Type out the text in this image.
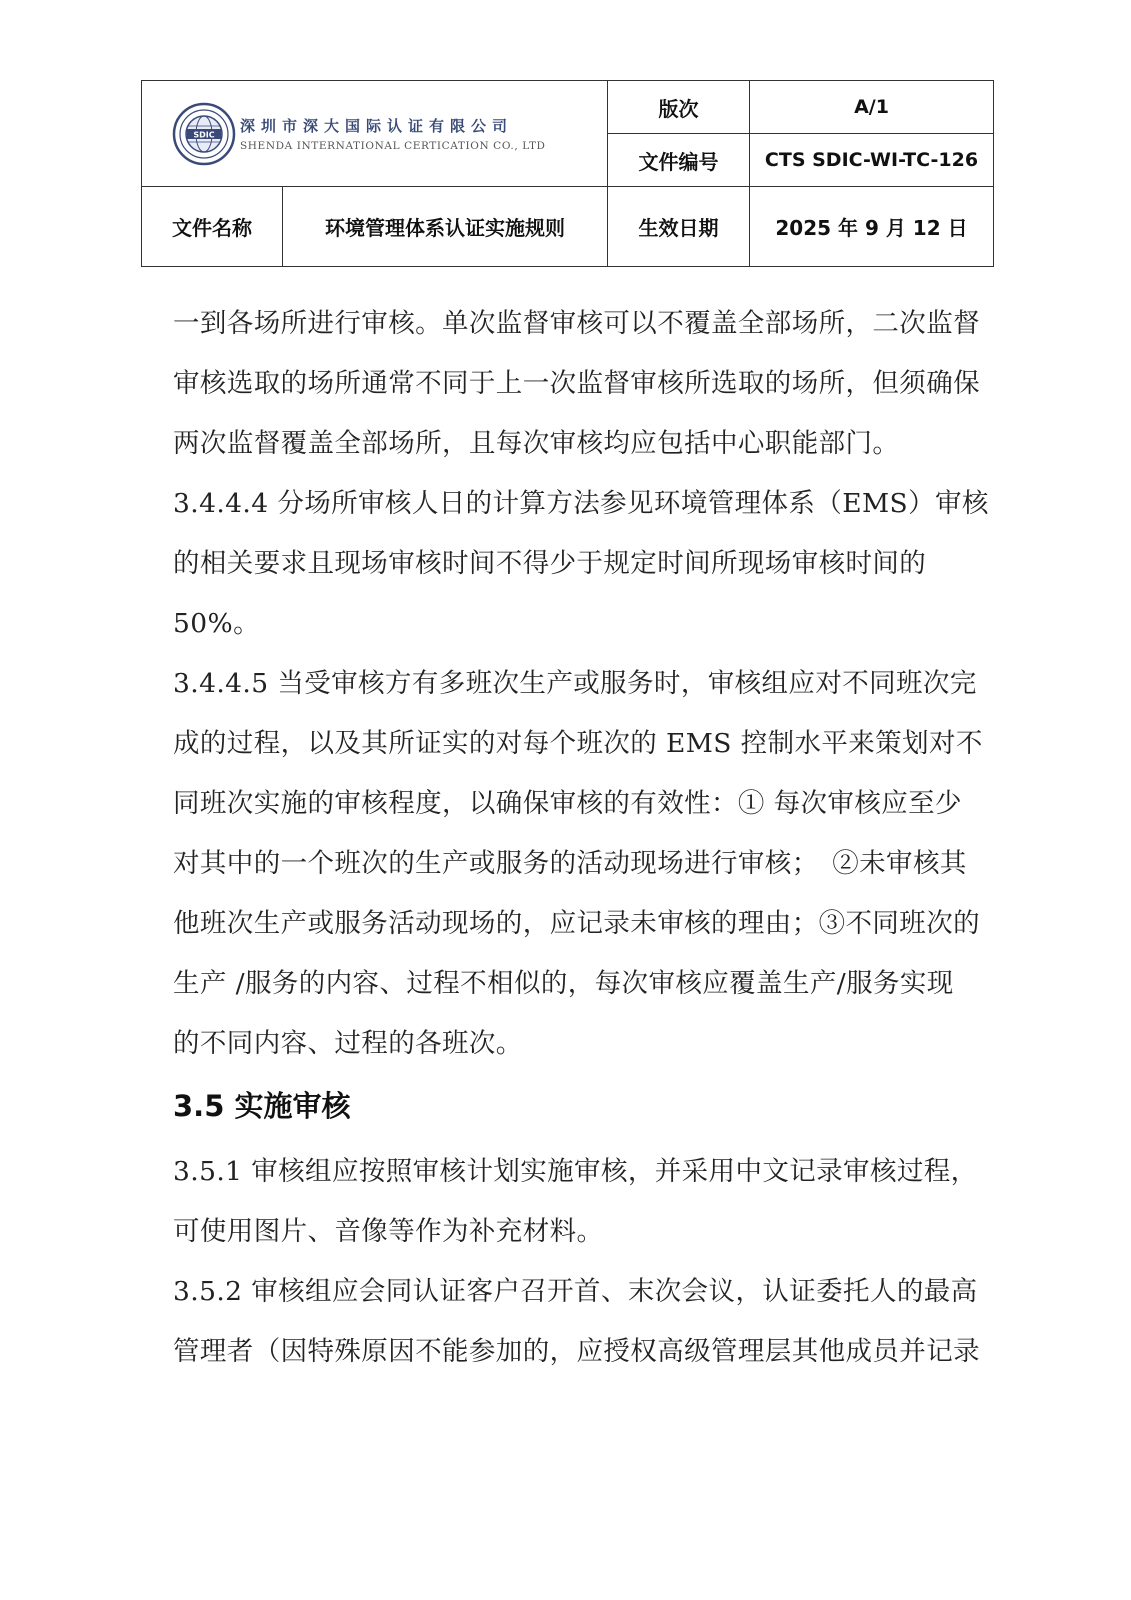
SDIC 深圳市深大国际认证有限公司
SHENDA INTERNATIONAL CERTICATION CO., LTD		版次	A/1
		文件编号	CTS SDIC-WI-TC-126
文件名称	环境管理体系认证实施规则	生效日期	2025 年 9 月 12 日
一到各场所进行审核。单次监督审核可以不覆盖全部场所，二次监督
审核选取的场所通常不同于上一次监督审核所选取的场所，但须确保
两次监督覆盖全部场所，且每次审核均应包括中心职能部门。
3.4.4.4 分场所审核人日的计算方法参见环境管理体系（EMS）审核
的相关要求且现场审核时间不得少于规定时间所现场审核时间的
50%。
3.4.4.5 当受审核方有多班次生产或服务时，审核组应对不同班次完
成的过程，以及其所证实的对每个班次的 EMS 控制水平来策划对不
同班次实施的审核程度，以确保审核的有效性：① 每次审核应至少
对其中的一个班次的生产或服务的活动现场进行审核；　②未审核其
他班次生产或服务活动现场的，应记录未审核的理由；③不同班次的
生产 /服务的内容、过程不相似的，每次审核应覆盖生产/服务实现
的不同内容、过程的各班次。
3.5 实施审核
3.5.1 审核组应按照审核计划实施审核，并采用中文记录审核过程，
可使用图片、音像等作为补充材料。
3.5.2 审核组应会同认证客户召开首、末次会议，认证委托人的最高
管理者（因特殊原因不能参加的，应授权高级管理层其他成员并记录
